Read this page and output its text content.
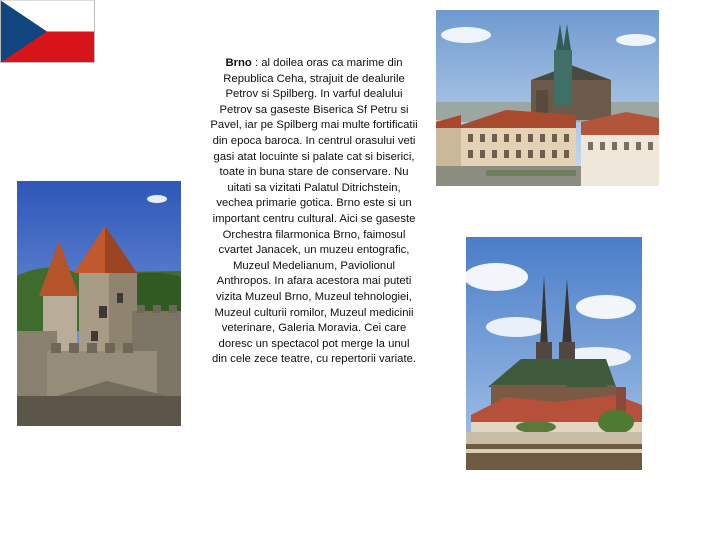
Brno : al doilea oras ca marime din Republica Ceha, strajuit de dealurile Petrov si Spilberg. In varful dealului Petrov sa gaseste Biserica Sf Petru si Pavel, iar pe Spilberg mai multe fortificatii din epoca baroca. In centrul orasului veti gasi atat locuinte si palate cat si biserici, toate in buna stare de conservare. Nu uitati sa vizitati Palatul Ditrichstein, vechea primarie gotica. Brno este si un important centru cultural. Aici se gaseste Orchestra filarmonica Brno, faimosul cvartet Janacek, un muzeu entografic, Muzeul Medelianum, Paviolionul Anthropos. In afara acestora mai puteti vizita Muzeul Brno, Muzeul tehnologiei, Muzeul culturii romilor, Muzeul medicinii veterinare, Galeria Moravia. Cei care doresc un spectacol pot merge la unul din cele zece teatre, cu repertorii variate.
